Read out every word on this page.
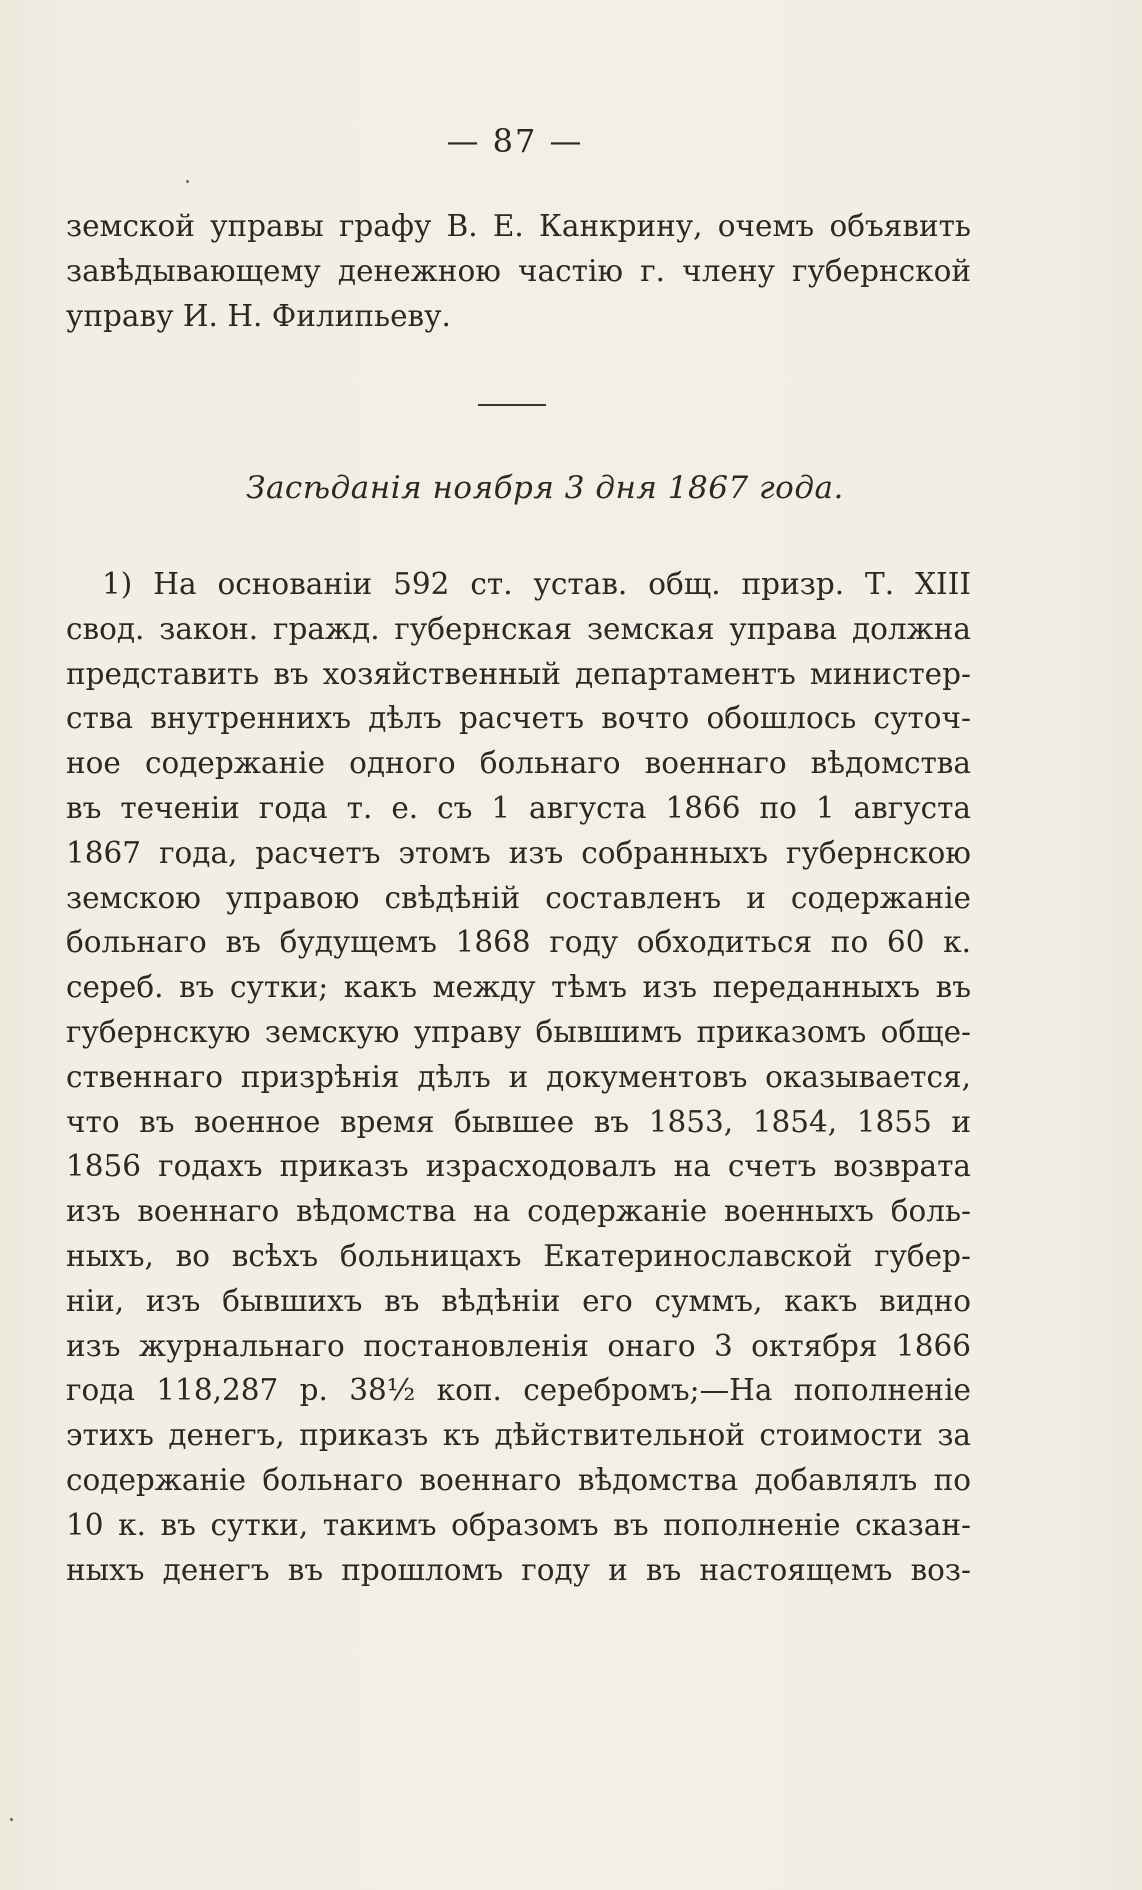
— 87 —
земской управы графу В. Е. Канкрину, очемъ объявить
завѣдывающему денежною частію г. члену губернской
управу И. Н. Филипьеву.
Засѣданія ноября 3 дня 1867 года.
1) На основаніи 592 ст. устав. общ. призр. Т. XIII
свод. закон. гражд. губернская земская управа должна
представить въ хозяйственный департаментъ министер-
ства внутреннихъ дѣлъ расчетъ вочто обошлось суточ-
ное содержаніе одного больнаго военнаго вѣдомства
въ теченіи года т. е. съ 1 августа 1866 по 1 августа
1867 года, расчетъ этомъ изъ собранныхъ губернскою
земскою управою свѣдѣній составленъ и содержаніе
больнаго въ будущемъ 1868 году обходиться по 60 к.
сереб. въ сутки; какъ между тѣмъ изъ переданныхъ въ
губернскую земскую управу бывшимъ приказомъ обще-
ственнаго призрѣнія дѣлъ и документовъ оказывается,
что въ военное время бывшее въ 1853, 1854, 1855 и
1856 годахъ приказъ израсходовалъ на счетъ возврата
изъ военнаго вѣдомства на содержаніе военныхъ боль-
ныхъ, во всѣхъ больницахъ Екатеринославской губер-
ніи, изъ бывшихъ въ вѣдѣніи его суммъ, какъ видно
изъ журнальнаго постановленія онаго 3 октября 1866
года 118,287 р. 38½ коп. серебромъ;—На пополненіе
этихъ денегъ, приказъ къ дѣйствительной стоимости за
содержаніе больнаго военнаго вѣдомства добавлялъ по
10 к. въ сутки, такимъ образомъ въ пополненіе сказан-
ныхъ денегъ въ прошломъ году и въ настоящемъ воз-
